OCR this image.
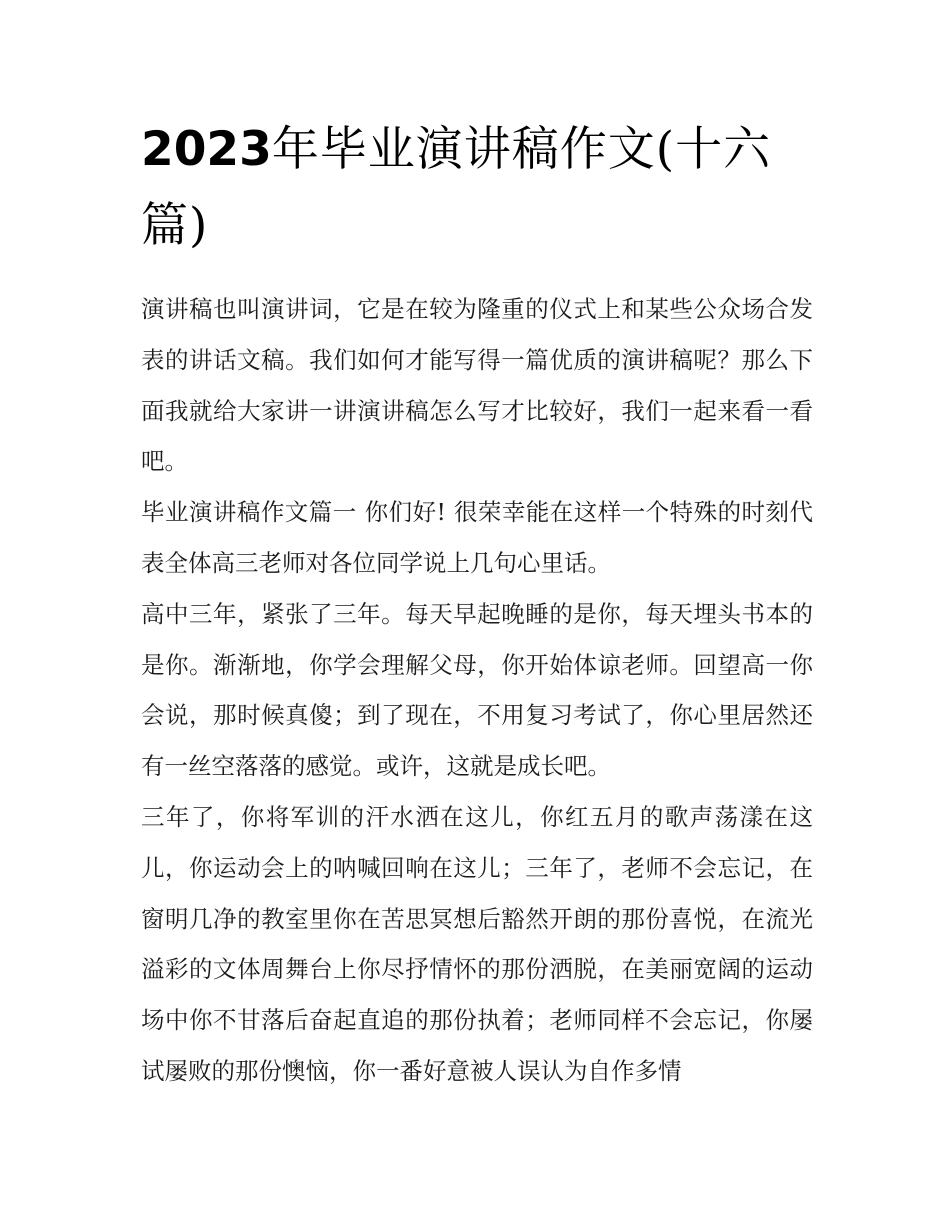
2023年毕业演讲稿作文(十六篇)

演讲稿也叫演讲词，它是在较为隆重的仪式上和某些公众场合发表的讲话文稿。我们如何才能写得一篇优质的演讲稿呢？那么下面我就给大家讲一讲演讲稿怎么写才比较好，我们一起来看一看吧。

毕业演讲稿作文篇一 你们好! 很荣幸能在这样一个特殊的时刻代表全体高三老师对各位同学说上几句心里话。

高中三年，紧张了三年。每天早起晚睡的是你，每天埋头书本的是你。渐渐地，你学会理解父母，你开始体谅老师。回望高一你会说，那时候真傻；到了现在，不用复习考试了，你心里居然还有一丝空落落的感觉。或许，这就是成长吧。

三年了，你将军训的汗水洒在这儿，你红五月的歌声荡漾在这儿，你运动会上的呐喊回响在这儿；三年了，老师不会忘记，在窗明几净的教室里你在苦思冥想后豁然开朗的那份喜悦，在流光溢彩的文体周舞台上你尽抒情怀的那份洒脱，在美丽宽阔的运动场中你不甘落后奋起直追的那份执着；老师同样不会忘记，你屡试屡败的那份懊恼，你一番好意被人误认为自作多情
